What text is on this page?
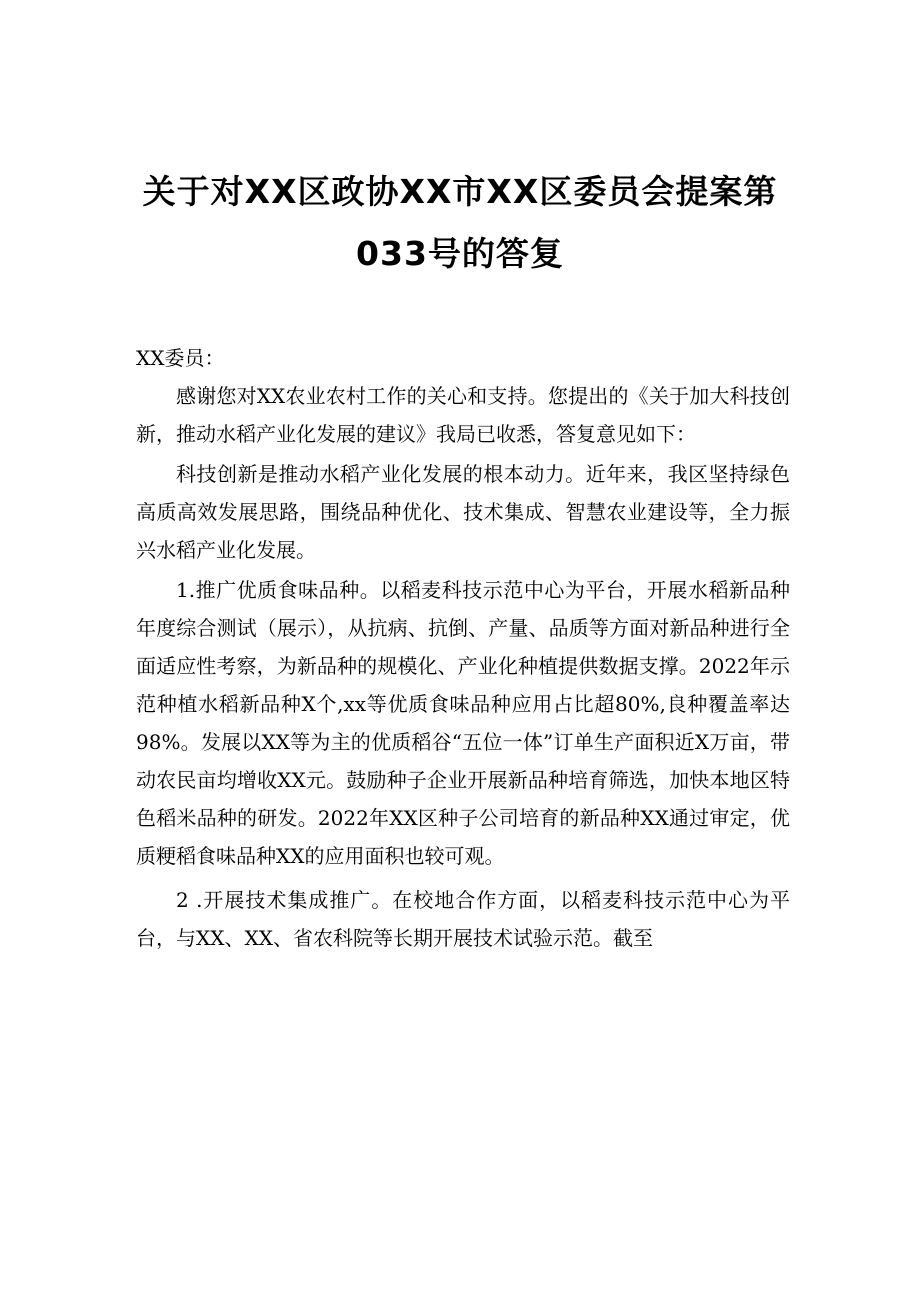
关于对XX区政协XX市XX区委员会提案第
033号的答复

XX委员：

感谢您对XX农业农村工作的关心和支持。您提出的《关于加大科技创新，推动水稻产业化发展的建议》我局已收悉，答复意见如下：

科技创新是推动水稻产业化发展的根本动力。近年来，我区坚持绿色高质高效发展思路，围绕品种优化、技术集成、智慧农业建设等，全力振兴水稻产业化发展。

1.推广优质食味品种。以稻麦科技示范中心为平台，开展水稻新品种年度综合测试（展示），从抗病、抗倒、产量、品质等方面对新品种进行全面适应性考察，为新品种的规模化、产业化种植提供数据支撑。2022年示范种植水稻新品种X个,xx等优质食味品种应用占比超80%,良种覆盖率达98%。发展以XX等为主的优质稻谷“五位一体”订单生产面积近X万亩，带动农民亩均增收XX元。鼓励种子企业开展新品种培育筛选，加快本地区特色稻米品种的研发。2022年XX区种子公司培育的新品种XX通过审定，优质粳稻食味品种XX的应用面积也较可观。

2 .开展技术集成推广。在校地合作方面，以稻麦科技示范中心为平台，与XX、XX、省农科院等长期开展技术试验示范。截至
